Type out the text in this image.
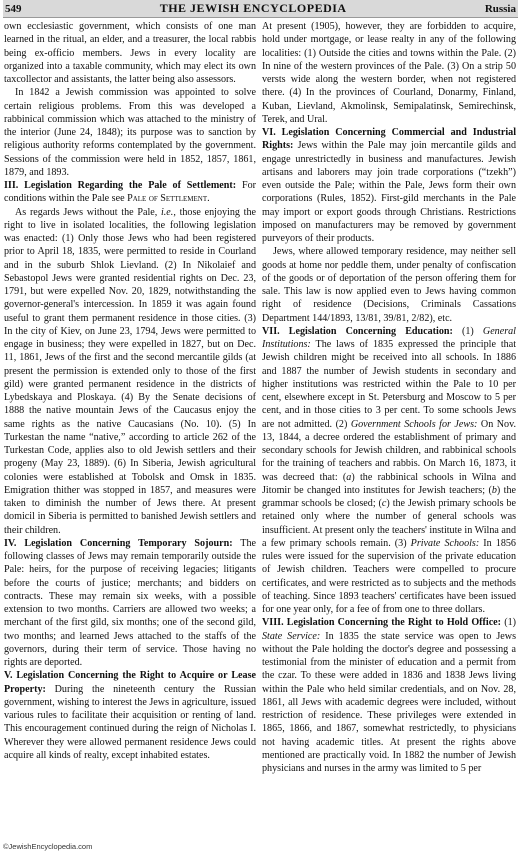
549	THE JEWISH ENCYCLOPEDIA	Russia

own ecclesiastic government, which consists of one man learned in the ritual, an elder, and a treasurer, the local rabbis being ex-officio members. Jews in every locality are organized into a taxable community, which may elect its own taxcollector and assistants, the latter being also assessors.

In 1842 a Jewish commission was appointed to solve certain religious problems. From this was developed a rabbinical commission which was attached to the ministry of the interior (June 24, 1848); its purpose was to sanction by religious authority reforms contemplated by the government. Sessions of the commission were held in 1852, 1857, 1861, 1879, and 1893.

III. Legislation Regarding the Pale of Settlement: For conditions within the Pale see Pale of Settlement.

As regards Jews without the Pale, i.e., those enjoying the right to live in isolated localities, the following legislation was enacted: (1) Only those Jews who had been registered prior to April 18, 1835, were permitted to reside in Courland and in the suburb Shlok Lievland. (2) In Nikolaief and Sebastopol Jews were granted residential rights on Dec. 23, 1791, but were expelled Nov. 20, 1829, notwithstanding the governor-general's intercession. In 1859 it was again found useful to grant them permanent residence in those cities. (3) In the city of Kiev, on June 23, 1794, Jews were permitted to engage in business; they were expelled in 1827, but on Dec. 11, 1861, Jews of the first and the second mercantile gilds (at present the permission is extended only to those of the first gild) were granted permanent residence in the districts of Lybedskaya and Ploskaya. (4) By the Senate decisions of 1888 the native mountain Jews of the Caucasus enjoy the same rights as the native Caucasians (No. 10). (5) In Turkestan the name “native,” according to article 262 of the Turkestan Code, applies also to old Jewish settlers and their progeny (May 23, 1889). (6) In Siberia, Jewish agricultural colonies were established at Tobolsk and Omsk in 1835. Emigration thither was stopped in 1857, and measures were taken to diminish the number of Jews there. At present domicil in Siberia is permitted to banished Jewish settlers and their children.

IV. Legislation Concerning Temporary Sojourn: The following classes of Jews may remain temporarily outside the Pale: heirs, for the purpose of receiving legacies; litigants before the courts of justice; merchants; and bidders on contracts. These may remain six weeks, with a possible extension to two months. Carriers are allowed two weeks; a merchant of the first gild, six months; one of the second gild, two months; and learned Jews attached to the staffs of the governors, during their term of service. Those having no rights are deported.

V. Legislation Concerning the Right to Acquire or Lease Property: During the nineteenth century the Russian government, wishing to interest the Jews in agriculture, issued various rules to facilitate their acquisition or renting of land. This encouragement continued during the reign of Nicholas I. Wherever they were allowed permanent residence Jews could acquire all kinds of realty, except inhabited estates.

At present (1905), however, they are forbidden to acquire, hold under mortgage, or lease realty in any of the following localities: (1) Outside the cities and towns within the Pale. (2) In nine of the western provinces of the Pale. (3) On a strip 50 versts wide along the western border, when not registered there. (4) In the provinces of Courland, Donarmy, Finland, Kuban, Lievland, Akmolinsk, Semipalatinsk, Semirechinsk, Terek, and Ural.

VI. Legislation Concerning Commercial and Industrial Rights: Jews within the Pale may join mercantile gilds and engage unrestrictedly in business and manufactures. Jewish artisans and laborers may join trade corporations (“tzekh”) even outside the Pale; within the Pale, Jews form their own corporations (Rules, 1852). First-gild merchants in the Pale may import or export goods through Christians. Restrictions imposed on manufacturers may be removed by government purveyors of their products.

Jews, where allowed temporary residence, may neither sell goods at home nor peddle them, under penalty of confiscation of the goods or of deportation of the person offering them for sale. This law is now applied even to Jews having common right of residence (Decisions, Criminals Cassations Department 144/1893, 13/81, 39/81, 2/82), etc.

VII. Legislation Concerning Education: (1) General Institutions: The laws of 1835 expressed the principle that Jewish children might be received into all schools. In 1886 and 1887 the number of Jewish students in secondary and higher institutions was restricted within the Pale to 10 per cent, elsewhere except in St. Petersburg and Moscow to 5 per cent, and in those cities to 3 per cent. To some schools Jews are not admitted. (2) Government Schools for Jews: On Nov. 13, 1844, a decree ordered the establishment of primary and secondary schools for Jewish children, and rabbinical schools for the training of teachers and rabbis. On March 16, 1873, it was decreed that: (a) the rabbinical schools in Wilna and Jitomir be changed into institutes for Jewish teachers; (b) the grammar schools be closed; (c) the Jewish primary schools be retained only where the number of general schools was insufficient. At present only the teachers' institute in Wilna and a few primary schools remain. (3) Private Schools: In 1856 rules were issued for the supervision of the private education of Jewish children. Teachers were compelled to procure certificates, and were restricted as to subjects and the methods of teaching. Since 1893 teachers' certificates have been issued for one year only, for a fee of from one to three dollars.

VIII. Legislation Concerning the Right to Hold Office: (1) State Service: In 1835 the state service was open to Jews without the Pale holding the doctor's degree and possessing a testimonial from the minister of education and a permit from the czar. To these were added in 1836 and 1838 Jews living within the Pale who held similar credentials, and on Nov. 28, 1861, all Jews with academic degrees were included, without restriction of residence. These privileges were extended in 1865, 1866, and 1867, somewhat restrictedly, to physicians not having academic titles. At present the rights above mentioned are practically void. In 1882 the number of Jewish physicians and nurses in the army was limited to 5 per

©JewishEncyclopedia.com
